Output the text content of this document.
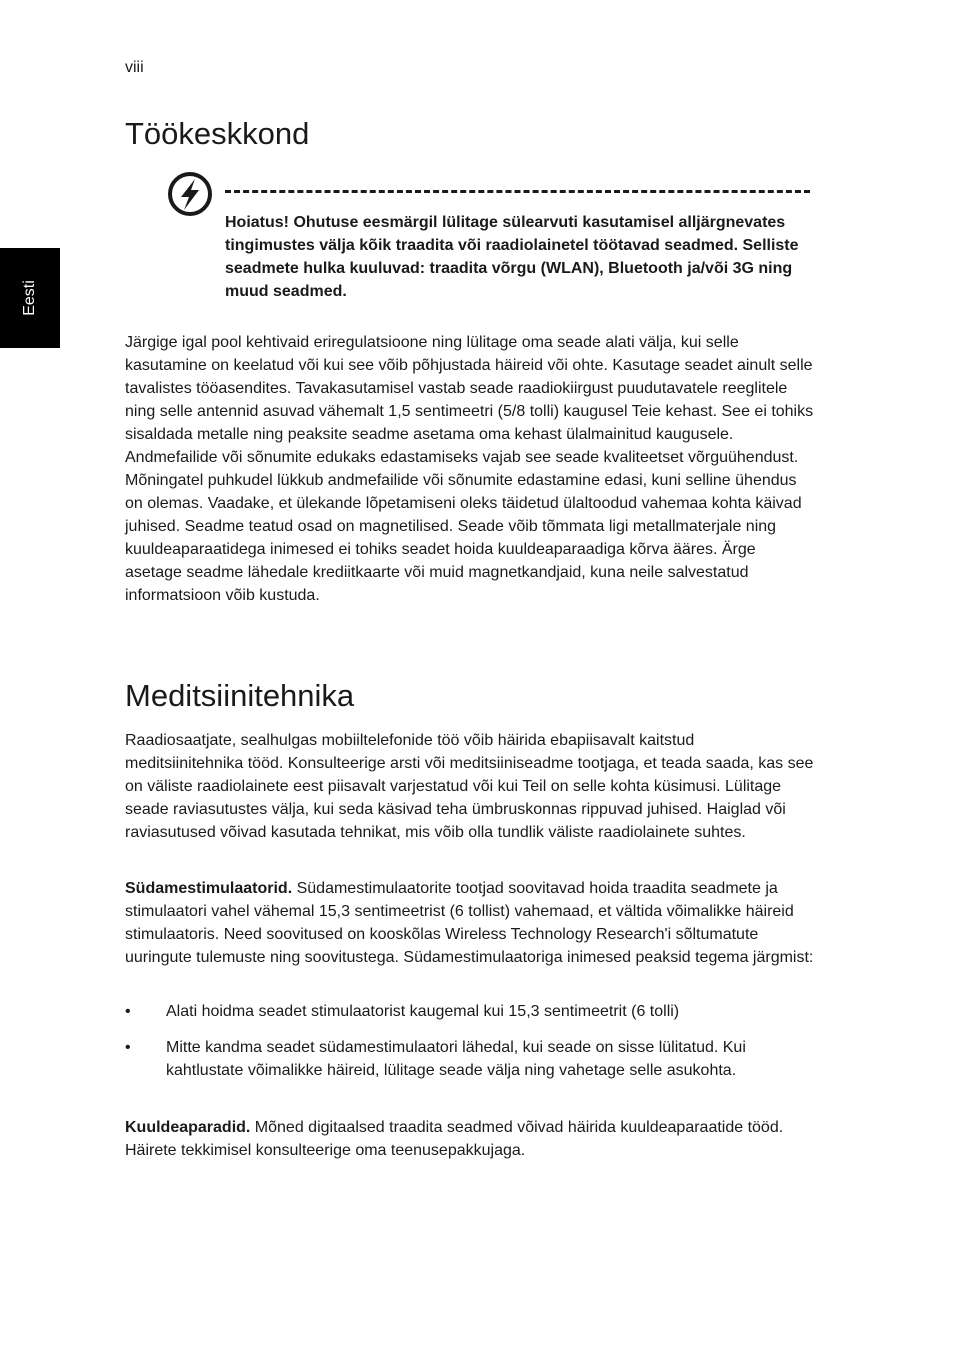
viii
Eesti
Töökeskkond

Hoiatus! Ohutuse eesmärgil lülitage sülearvuti kasutamisel alljärgnevates tingimustes välja kõik traadita või raadiolainetel töötavad seadmed. Selliste seadmete hulka kuuluvad: traadita võrgu (WLAN), Bluetooth ja/või 3G ning muud seadmed.

Järgige igal pool kehtivaid eriregulatsioone ning lülitage oma seade alati välja, kui selle kasutamine on keelatud või kui see võib põhjustada häireid või ohte. Kasutage seadet ainult selle tavalistes tööasendites. Tavakasutamisel vastab seade raadiokiirgust puudutavatele reeglitele ning selle antennid asuvad vähemalt 1,5 sentimeetri (5/8 tolli) kaugusel Teie kehast. See ei tohiks sisaldada metalle ning peaksite seadme asetama oma kehast ülalmainitud kaugusele. Andmefailide või sõnumite edukaks edastamiseks vajab see seade kvaliteetset võrguühendust. Mõningatel puhkudel lükkub andmefailide või sõnumite edastamine edasi, kuni selline ühendus on olemas. Vaadake, et ülekande lõpetamiseni oleks täidetud ülaltoodud vahemaa kohta käivad juhised. Seadme teatud osad on magnetilised. Seade võib tõmmata ligi metallmaterjale ning kuuldeaparaatidega inimesed ei tohiks seadet hoida kuuldeaparaadiga kõrva ääres. Ärge asetage seadme lähedale krediitkaarte või muid magnetkandjaid, kuna neile salvestatud informatsioon võib kustuda.

Meditsiinitehnika

Raadiosaatjate, sealhulgas mobiiltelefonide töö võib häirida ebapiisavalt kaitstud meditsiinitehnika tööd. Konsulteerige arsti või meditsiiniseadme tootjaga, et teada saada, kas see on väliste raadiolainete eest piisavalt varjestatud või kui Teil on selle kohta küsimusi. Lülitage seade raviasutustes välja, kui seda käsivad teha ümbruskonnas rippuvad juhised. Haiglad või raviasutused võivad kasutada tehnikat, mis võib olla tundlik väliste raadiolainete suhtes.

Südamestimulaatorid. Südamestimulaatorite tootjad soovitavad hoida traadita seadmete ja stimulaatori vahel vähemal 15,3 sentimeetrist (6 tollist) vahemaad, et vältida võimalikke häireid stimulaatoris. Need soovitused on kooskõlas Wireless Technology Research'i sõltumatute uuringute tulemuste ning soovitustega. Südamestimulaatoriga inimesed peaksid tegema järgmist:

• Alati hoidma seadet stimulaatorist kaugemal kui 15,3 sentimeetrit (6 tolli)
• Mitte kandma seadet südamestimulaatori lähedal, kui seade on sisse lülitatud. Kui kahtlustate võimalikke häireid, lülitage seade välja ning vahetage selle asukohta.

Kuuldeaparadid. Mõned digitaalsed traadita seadmed võivad häirida kuuldeaparaatide tööd. Häirete tekkimisel konsulteerige oma teenusepakkujaga.
